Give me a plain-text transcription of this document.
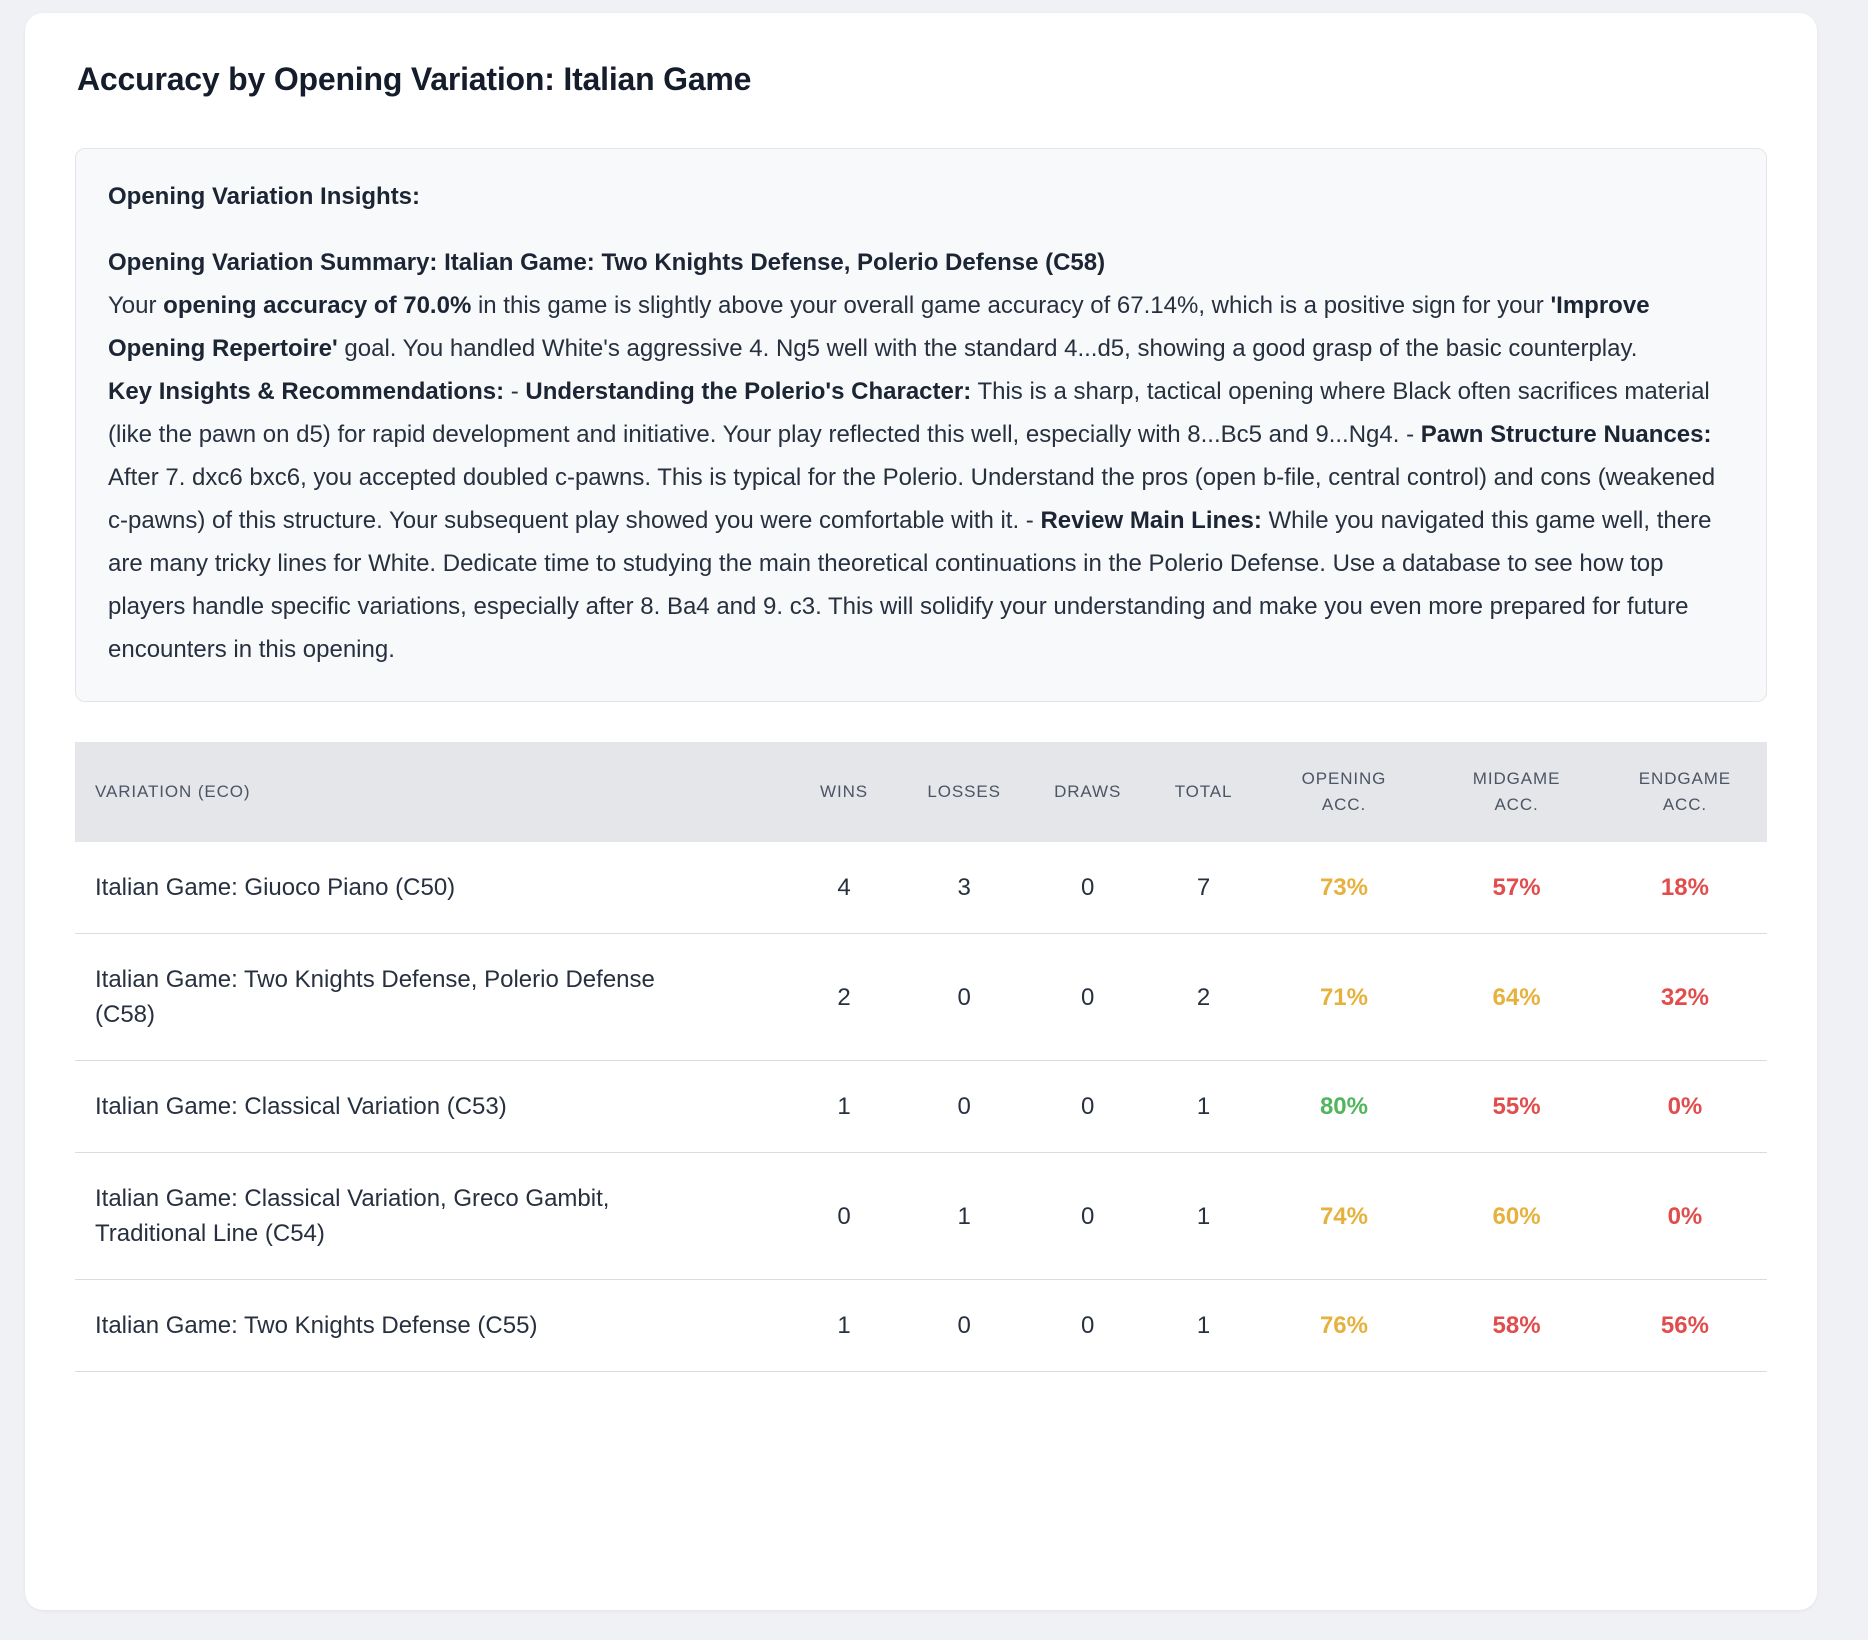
Accuracy by Opening Variation: Italian Game

Opening Variation Insights:

Opening Variation Summary: Italian Game: Two Knights Defense, Polerio Defense (C58)

Your opening accuracy of 70.0% in this game is slightly above your overall game accuracy of 67.14%, which is a positive sign for your 'Improve Opening Repertoire' goal. You handled White's aggressive 4. Ng5 well with the standard 4...d5, showing a good grasp of the basic counterplay.

Key Insights & Recommendations: - Understanding the Polerio's Character: This is a sharp, tactical opening where Black often sacrifices material (like the pawn on d5) for rapid development and initiative. Your play reflected this well, especially with 8...Bc5 and 9...Ng4. - Pawn Structure Nuances: After 7. dxc6 bxc6, you accepted doubled c-pawns. This is typical for the Polerio. Understand the pros (open b-file, central control) and cons (weakened c-pawns) of this structure. Your subsequent play showed you were comfortable with it. - Review Main Lines: While you navigated this game well, there are many tricky lines for White. Dedicate time to studying the main theoretical continuations in the Polerio Defense. Use a database to see how top players handle specific variations, especially after 8. Ba4 and 9. c3. This will solidify your understanding and make you even more prepared for future encounters in this opening.

VARIATION (ECO)	WINS	LOSSES	DRAWS	TOTAL	OPENING ACC.	MIDGAME ACC.	ENDGAME ACC.

Italian Game: Giuoco Piano (C50)	4	3	0	7	73%	57%	18%

Italian Game: Two Knights Defense, Polerio Defense (C58)	2	0	0	2	71%	64%	32%

Italian Game: Classical Variation (C53)	1	0	0	1	80%	55%	0%

Italian Game: Classical Variation, Greco Gambit, Traditional Line (C54)	0	1	0	1	74%	60%	0%

Italian Game: Two Knights Defense (C55)	1	0	0	1	76%	58%	56%
